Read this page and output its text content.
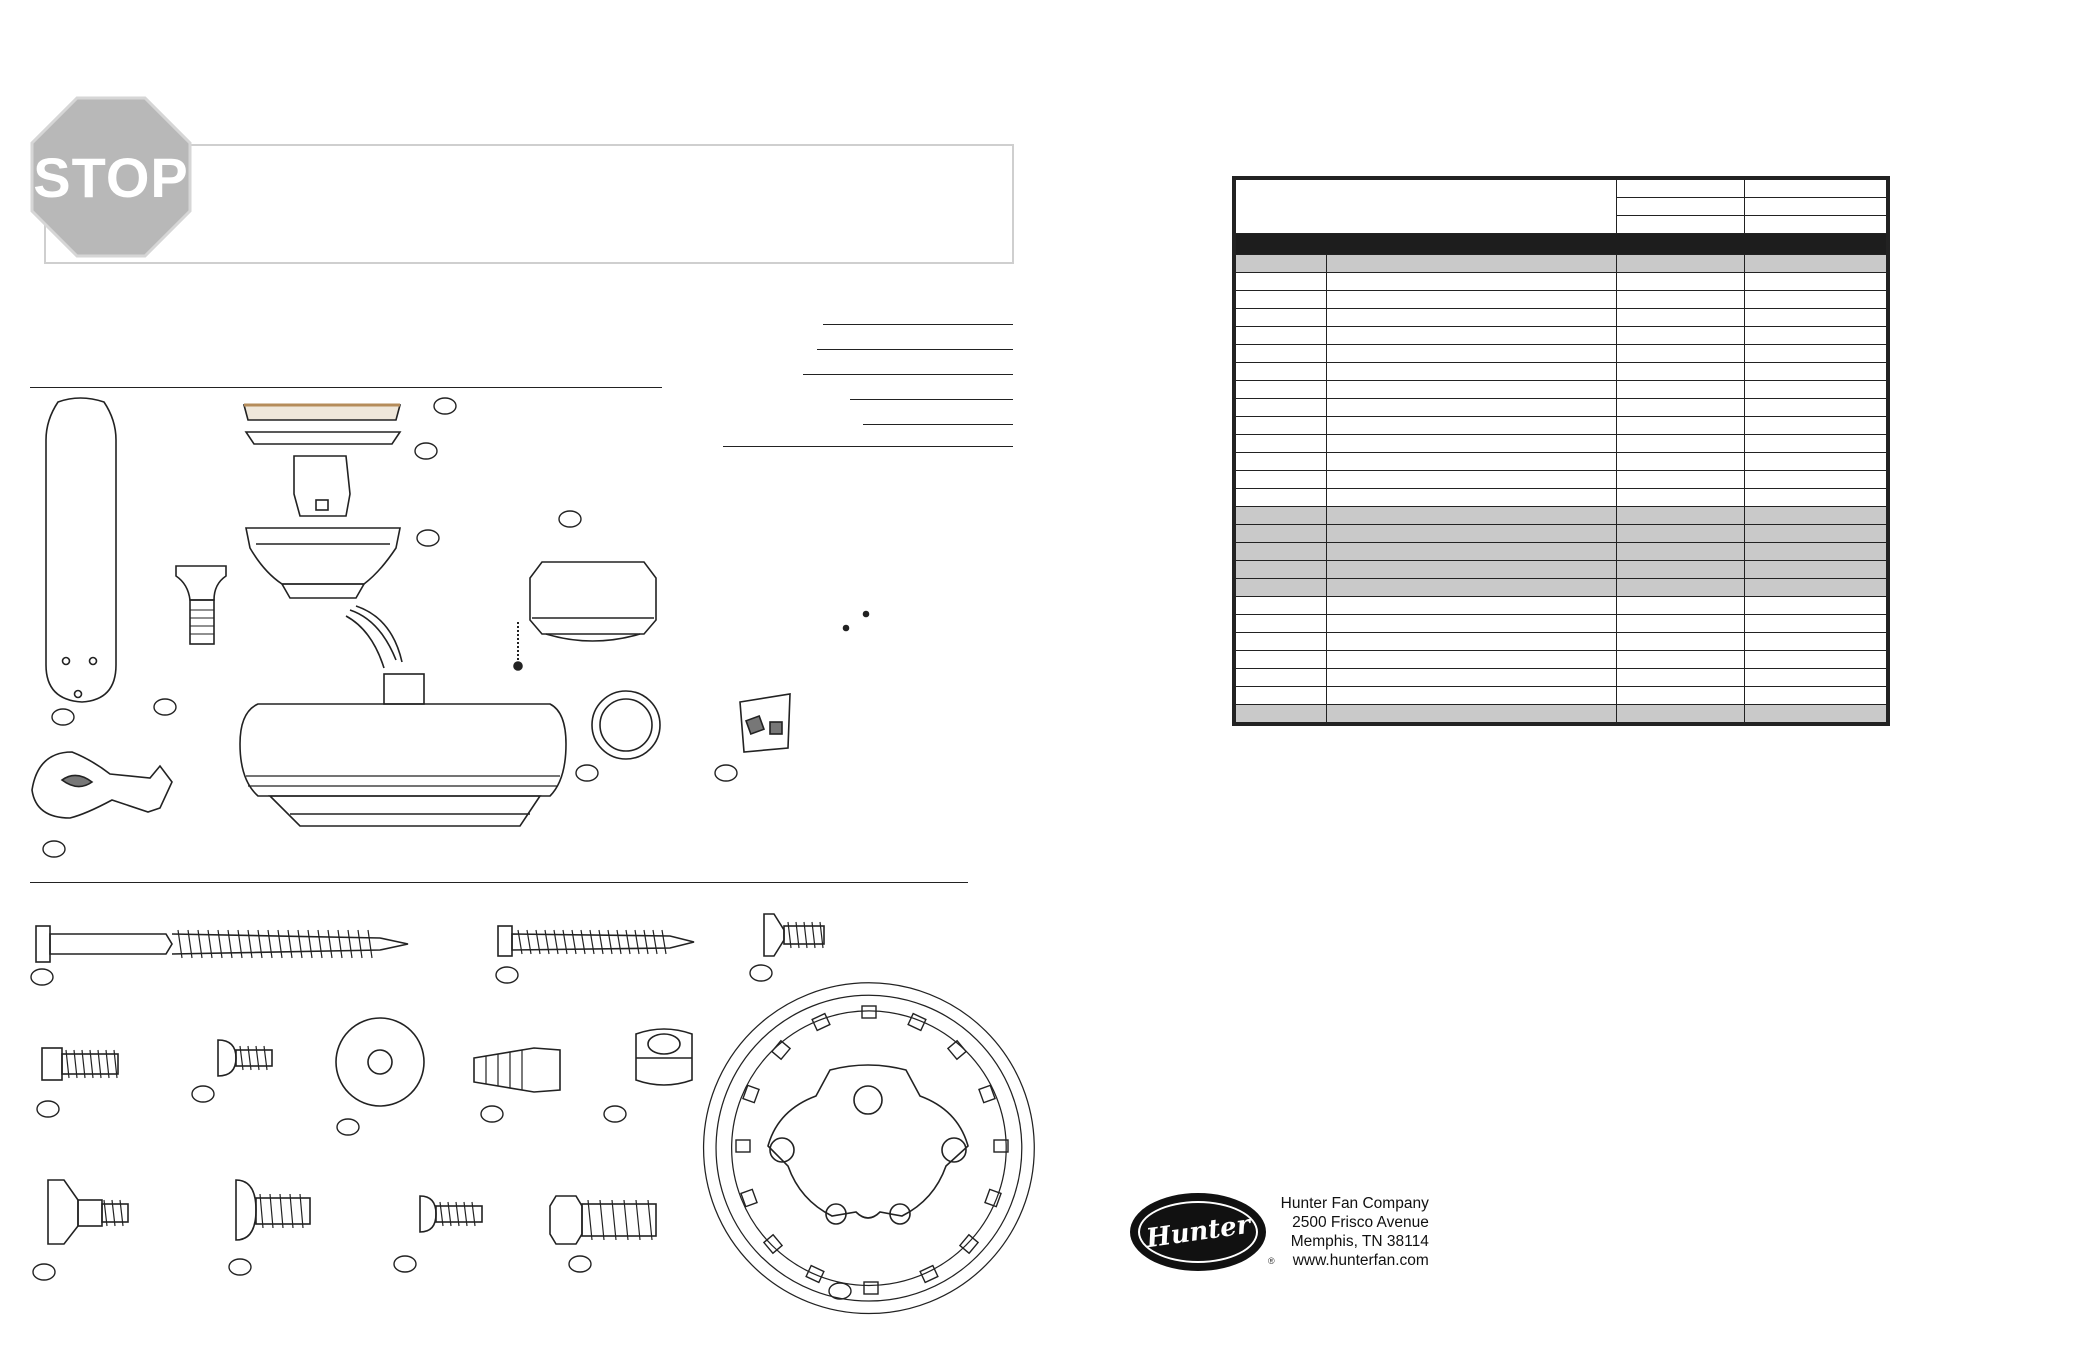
STOP

Hunter
®
Hunter Fan Company
2500 Frisco Avenue
Memphis, TN 38114
www.hunterfan.com
